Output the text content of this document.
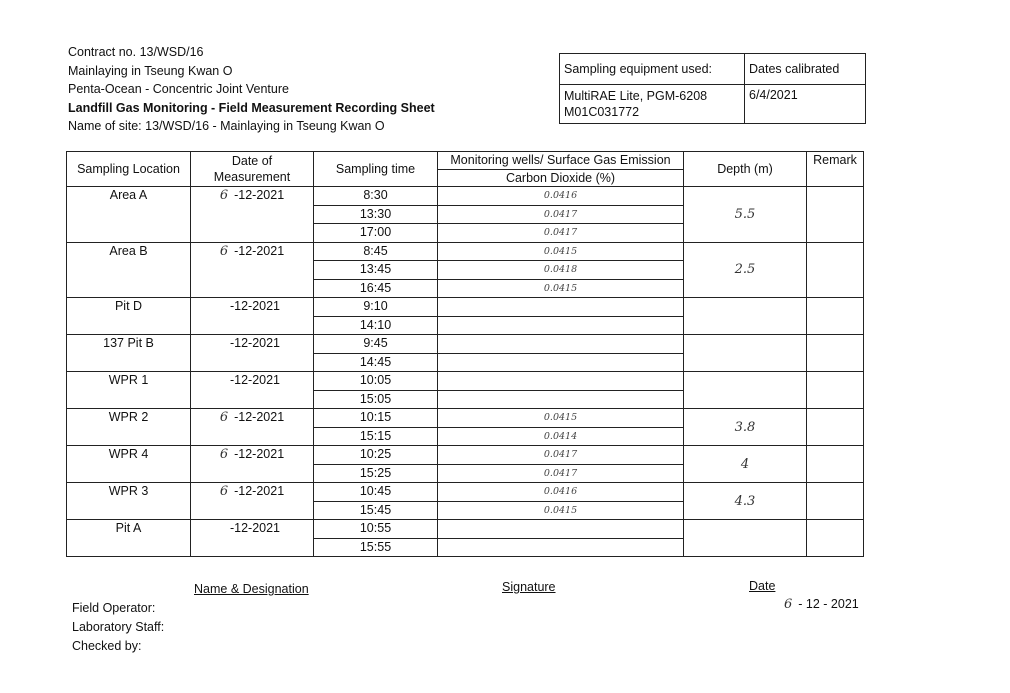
Contract no. 13/WSD/16
Mainlaying in Tseung Kwan O
Penta-Ocean - Concentric Joint Venture
Landfill Gas Monitoring - Field Measurement Recording Sheet
Name of site: 13/WSD/16 - Mainlaying in Tseung Kwan O
Sampling equipment used:	Dates calibrated

MultiRAE Lite, PGM-6208
M01C031772	6/4/2021
Sampling Location	Date of Measurement	Sampling time	Monitoring wells/ Surface Gas Emission	Depth (m)	Remark
			Carbon Dioxide (%)		
Area A	6 -12-2021	8:30	0.0416	5.5	
		13:30	0.0417		
		17:00	0.0417		
Area B	6 -12-2021	8:45	0.0415	2.5	
		13:45	0.0418		
		16:45	0.0415		
Pit D	-12-2021	9:10			
		14:10			
137 Pit B	-12-2021	9:45			
		14:45			
WPR 1	-12-2021	10:05			
		15:05			
WPR 2	6 -12-2021	10:15	0.0415	3.8	
		15:15	0.0414		
WPR 4	6 -12-2021	10:25	0.0417	4	
		15:25	0.0417		
WPR 3	6 -12-2021	10:45	0.0416	4.3	
		15:45	0.0415		
Pit A	-12-2021	10:55			
		15:55			
Name & Designation	Signature	Date
6 - 12 - 2021
Field Operator:
Laboratory Staff:
Checked by:
